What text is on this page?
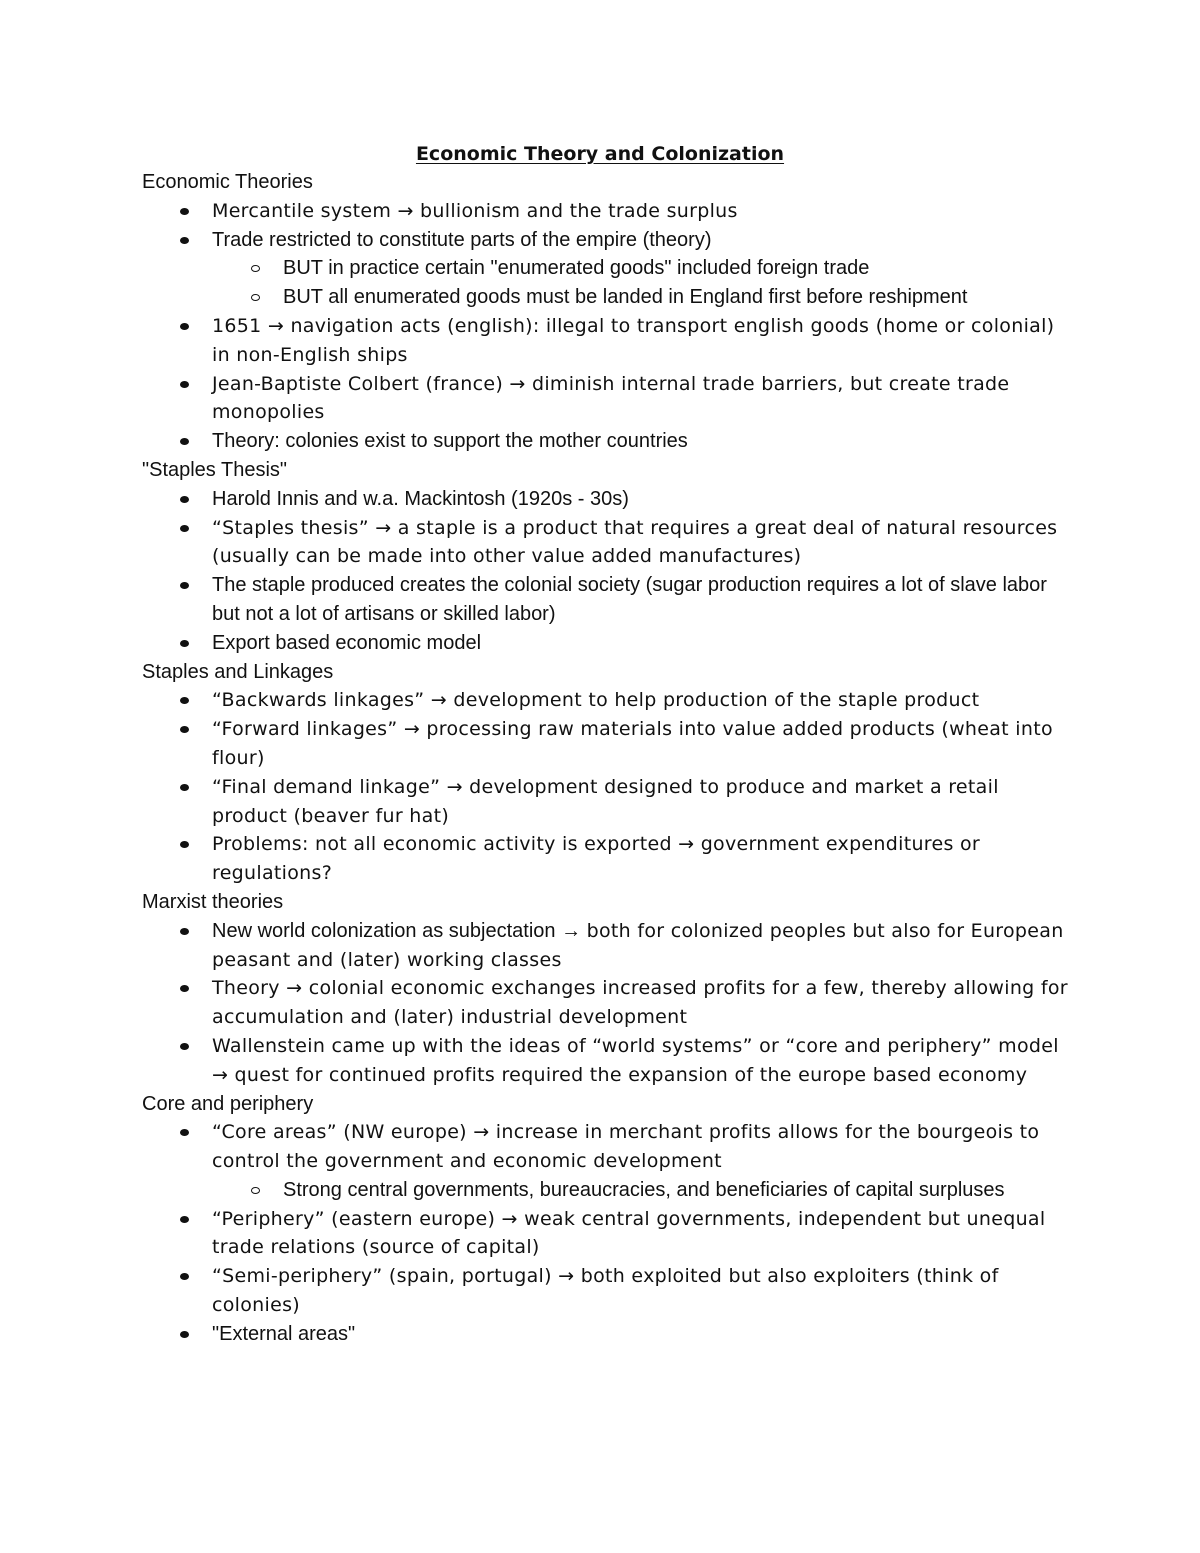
Economic Theory and Colonization

Economic Theories

Mercantile system → bullionism and the trade surplus
Trade restricted to constitute parts of the empire (theory)
BUT in practice certain "enumerated goods" included foreign trade
BUT all enumerated goods must be landed in England first before reshipment
1651 → navigation acts (english): illegal to transport english goods (home or colonial) in non-English ships
Jean-Baptiste Colbert (france) → diminish internal trade barriers, but create trade monopolies
Theory: colonies exist to support the mother countries

"Staples Thesis"

Harold Innis and w.a. Mackintosh (1920s - 30s)
“Staples thesis” → a staple is a product that requires a great deal of natural resources (usually can be made into other value added manufactures)
The staple produced creates the colonial society (sugar production requires a lot of slave labor but not a lot of artisans or skilled labor)
Export based economic model

Staples and Linkages

“Backwards linkages” → development to help production of the staple product
“Forward linkages” → processing raw materials into value added products (wheat into flour)
“Final demand linkage” → development designed to produce and market a retail product (beaver fur hat)
Problems: not all economic activity is exported → government expenditures or regulations?

Marxist theories

New world colonization as subjectation → both for colonized peoples but also for European peasant and (later) working classes
Theory → colonial economic exchanges increased profits for a few, thereby allowing for accumulation and (later) industrial development
Wallenstein came up with the ideas of “world systems” or “core and periphery” model → quest for continued profits required the expansion of the europe based economy

Core and periphery

“Core areas” (NW europe) → increase in merchant profits allows for the bourgeois to control the government and economic development
Strong central governments, bureaucracies, and beneficiaries of capital surpluses
“Periphery” (eastern europe) → weak central governments, independent but unequal trade relations (source of capital)
“Semi-periphery” (spain, portugal) → both exploited but also exploiters (think of colonies)
"External areas"
